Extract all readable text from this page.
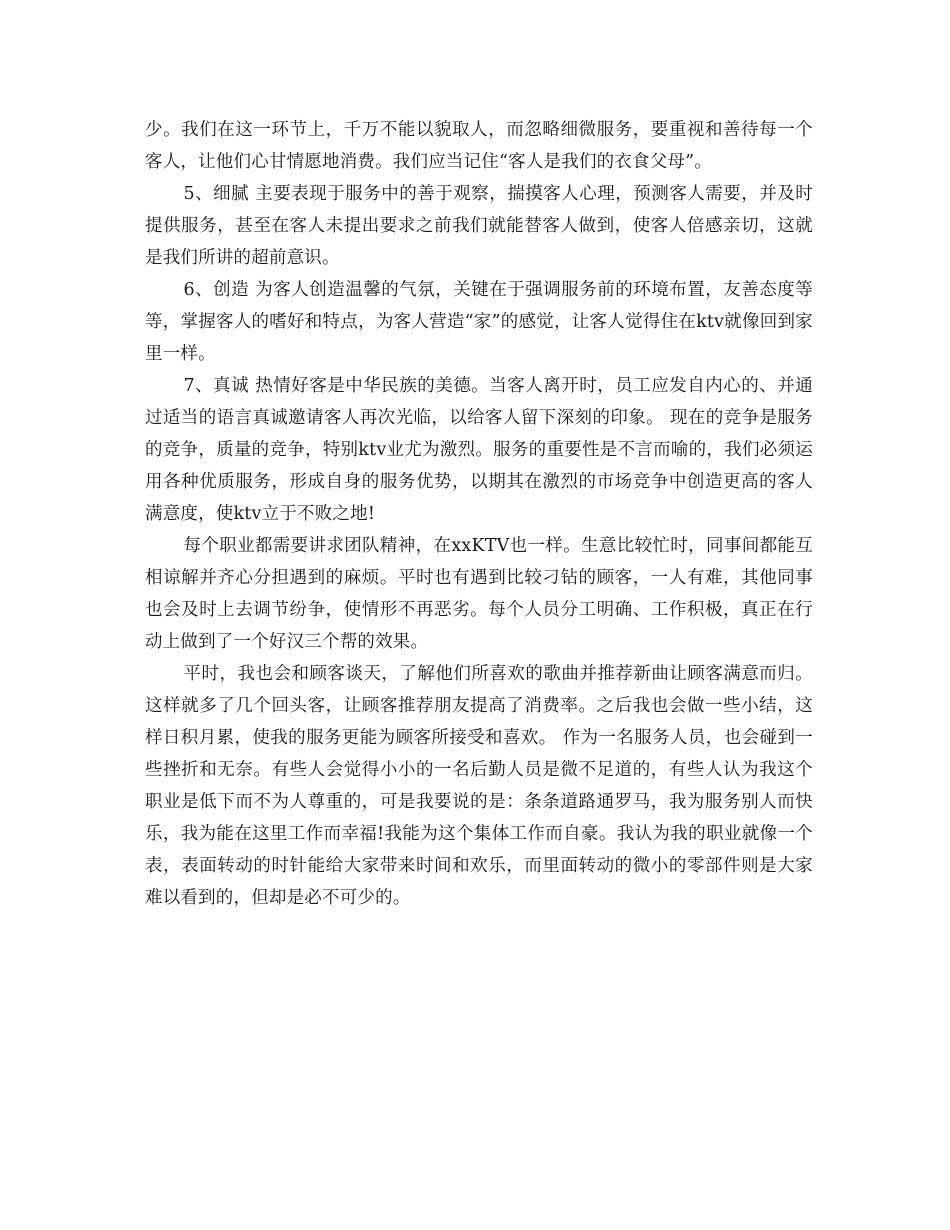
少。我们在这一环节上，千万不能以貌取人，而忽略细微服务，要重视和善待每一个客人，让他们心甘情愿地消费。我们应当记住“客人是我们的衣食父母”。

5、细腻 主要表现于服务中的善于观察，揣摸客人心理，预测客人需要，并及时提供服务，甚至在客人未提出要求之前我们就能替客人做到，使客人倍感亲切，这就是我们所讲的超前意识。

6、创造 为客人创造温馨的气氛，关键在于强调服务前的环境布置，友善态度等等，掌握客人的嗜好和特点，为客人营造“家”的感觉，让客人觉得住在ktv就像回到家里一样。

7、真诚 热情好客是中华民族的美德。当客人离开时，员工应发自内心的、并通过适当的语言真诚邀请客人再次光临，以给客人留下深刻的印象。 现在的竞争是服务的竞争，质量的竞争，特别ktv业尤为激烈。服务的重要性是不言而喻的，我们必须运用各种优质服务，形成自身的服务优势，以期其在激烈的市场竞争中创造更高的客人满意度，使ktv立于不败之地!

每个职业都需要讲求团队精神，在xxKTV也一样。生意比较忙时，同事间都能互相谅解并齐心分担遇到的麻烦。平时也有遇到比较刁钻的顾客，一人有难，其他同事也会及时上去调节纷争，使情形不再恶劣。每个人员分工明确、工作积极，真正在行动上做到了一个好汉三个帮的效果。

平时，我也会和顾客谈天，了解他们所喜欢的歌曲并推荐新曲让顾客满意而归。这样就多了几个回头客，让顾客推荐朋友提高了消费率。之后我也会做一些小结，这样日积月累，使我的服务更能为顾客所接受和喜欢。 作为一名服务人员，也会碰到一些挫折和无奈。有些人会觉得小小的一名后勤人员是微不足道的，有些人认为我这个职业是低下而不为人尊重的，可是我要说的是：条条道路通罗马，我为服务别人而快乐，我为能在这里工作而幸福!我能为这个集体工作而自豪。我认为我的职业就像一个表，表面转动的时针能给大家带来时间和欢乐，而里面转动的微小的零部件则是大家难以看到的，但却是必不可少的。
